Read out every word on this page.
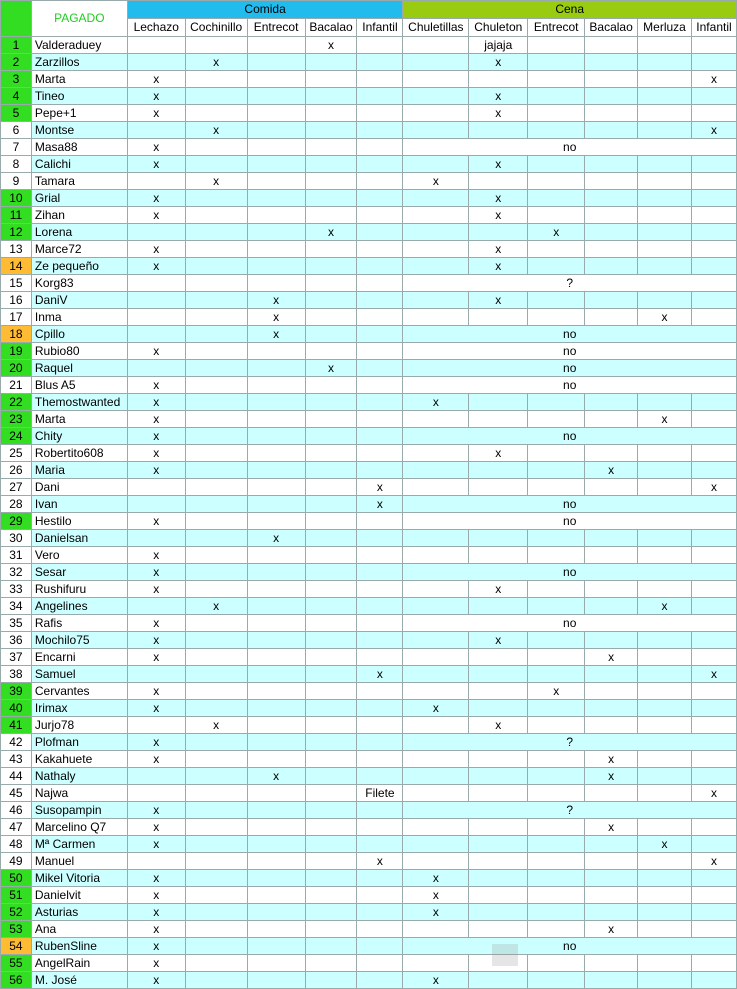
	PAGADO	Comida					Cena					
		Lechazo	Cochinillo	Entrecot	Bacalao	Infantil	Chuletillas	Chuleton	Entrecot	Bacalao	Merluza	Infantil
1	Valderaduey				x			jajaja				
2	Zarzillos		x					x				
3	Marta	x										x
4	Tineo	x						x				
5	Pepe+1	x						x				
6	Montse		x									x
7	Masa88	x					no					
8	Calichi	x						x				
9	Tamara		x				x					
10	Grial	x						x				
11	Zihan	x						x				
12	Lorena				x				x			
13	Marce72	x						x				
14	Ze pequeño	x						x				
15	Korg83						?					
16	DaniV			x				x				
17	Inma			x							x	
18	Cpillo			x			no					
19	Rubio80	x					no					
20	Raquel				x		no					
21	Blus A5	x					no					
22	Themostwanted	x					x					
23	Marta	x									x	
24	Chity	x					no					
25	Robertito608	x						x				
26	Maria	x								x		
27	Dani					x						x
28	Ivan					x	no					
29	Hestilo	x					no					
30	Danielsan			x								
31	Vero	x										
32	Sesar	x					no					
33	Rushifuru	x						x				
34	Angelines		x								x	
35	Rafis	x					no					
36	Mochilo75	x						x				
37	Encarni	x								x		
38	Samuel					x						x
39	Cervantes	x							x			
40	Irimax	x					x					
41	Jurjo78		x					x				
42	Plofman	x					?					
43	Kakahuete	x								x		
44	Nathaly			x						x		
45	Najwa					Filete						x
46	Susopampin	x					?					
47	Marcelino Q7	x								x		
48	Mª Carmen	x									x	
49	Manuel					x						x
50	Mikel Vitoria	x					x					
51	Danielvit	x					x					
52	Asturias	x					x					
53	Ana	x								x		
54	RubenSline	x					no					
55	AngelRain	x										
56	M. José	x					x					
